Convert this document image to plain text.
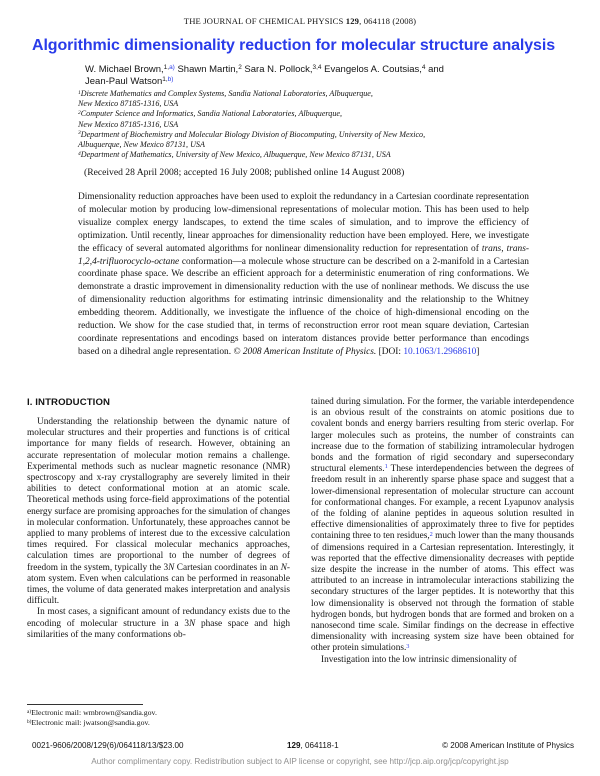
THE JOURNAL OF CHEMICAL PHYSICS 129, 064118 (2008)
Algorithmic dimensionality reduction for molecular structure analysis
W. Michael Brown,$^{1,a)}$ Shawn Martin,$^2$ Sara N. Pollock,$^{3,4}$ Evangelos A. Coutsias,$^4$ and
Jean-Paul Watson$^{1,b)}$
$^1$Discrete Mathematics and Complex Systems, Sandia National Laboratories, Albuquerque,
New Mexico 87185-1316, USA
$^2$Computer Science and Informatics, Sandia National Laboratories, Albuquerque,
New Mexico 87185-1316, USA
$^3$Department of Biochemistry and Molecular Biology Division of Biocomputing, University of New Mexico,
Albuquerque, New Mexico 87131, USA
$^4$Department of Mathematics, University of New Mexico, Albuquerque, New Mexico 87131, USA
(Received 28 April 2008; accepted 16 July 2008; published online 14 August 2008)
Dimensionality reduction approaches have been used to exploit the redundancy in a Cartesian coordinate representation of molecular motion by producing low-dimensional representations of molecular motion. This has been used to help visualize complex energy landscapes, to extend the time scales of simulation, and to improve the efficiency of optimization. Until recently, linear approaches for dimensionality reduction have been employed. Here, we investigate the efficacy of several automated algorithms for nonlinear dimensionality reduction for representation of trans, trans-1,2,4-trifluorocyclo-octane conformation—a molecule whose structure can be described on a 2-manifold in a Cartesian coordinate phase space. We describe an efficient approach for a deterministic enumeration of ring conformations. We demonstrate a drastic improvement in dimensionality reduction with the use of nonlinear methods. We discuss the use of dimensionality reduction algorithms for estimating intrinsic dimensionality and the relationship to the Whitney embedding theorem. Additionally, we investigate the influence of the choice of high-dimensional encoding on the reduction. We show for the case studied that, in terms of reconstruction error root mean square deviation, Cartesian coordinate representations and encodings based on interatom distances provide better performance than encodings based on a dihedral angle representation. © 2008 American Institute of Physics. [DOI: 10.1063/1.2968610]
I. INTRODUCTION

Understanding the relationship between the dynamic nature of molecular structures and their properties and functions is of critical importance for many fields of research. However, obtaining an accurate representation of molecular motion remains a challenge. Experimental methods such as nuclear magnetic resonance (NMR) spectroscopy and x-ray crystallography are severely limited in their abilities to detect conformational motion at an atomic scale. Theoretical methods using force-field approximations of the potential energy surface are promising approaches for the simulation of changes in molecular conformation. Unfortunately, these approaches cannot be applied to many problems of interest due to the excessive calculation times required. For classical molecular mechanics approaches, calculation times are proportional to the number of degrees of freedom in the system, typically the 3N Cartesian coordinates in an N-atom system. Even when calculations can be performed in reasonable times, the volume of data generated makes interpretation and analysis difficult.

In most cases, a significant amount of redundancy exists due to the encoding of molecular structure in a 3N phase space and high similarities of the many conformations ob-

$^{a)}$Electronic mail: wmbrown@sandia.gov.
$^{b)}$Electronic mail: jwatson@sandia.gov.

tained during simulation. For the former, the variable interdependence is an obvious result of the constraints on atomic positions due to covalent bonds and energy barriers resulting from steric overlap. For larger molecules such as proteins, the number of constraints can increase due to the formation of stabilizing intramolecular hydrogen bonds and the formation of rigid secondary and supersecondary structural elements.$^1$ These interdependencies between the degrees of freedom result in an inherently sparse phase space and suggest that a lower-dimensional representation of molecular structure can account for conformational changes. For example, a recent Lyapunov analysis of the folding of alanine peptides in aqueous solution resulted in effective dimensionalities of approximately three to five for peptides containing three to ten residues,$^2$ much lower than the many thousands of dimensions required in a Cartesian representation. Interestingly, it was reported that the effective dimensionality decreases with peptide size despite the increase in the number of atoms. This effect was attributed to an increase in intramolecular interactions stabilizing the secondary structures of the larger peptides. It is noteworthy that this low dimensionality is observed not through the formation of stable hydrogen bonds, but hydrogen bonds that are formed and broken on a nanosecond time scale. Similar findings on the decrease in effective dimensionality with increasing system size have been obtained for other protein simulations.$^3$

Investigation into the low intrinsic dimensionality of

0021-9606/2008/129(6)/064118/13/$23.00	129, 064118-1	© 2008 American Institute of Physics
Author complimentary copy. Redistribution subject to AIP license or copyright, see http://jcp.aip.org/jcp/copyright.jsp
